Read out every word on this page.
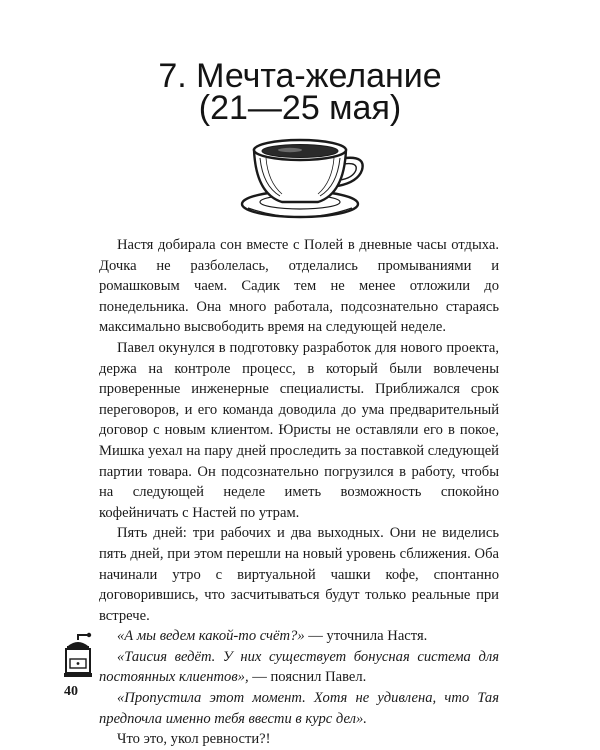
7. Мечта-желание
(21—25 мая)

Настя добирала сон вместе с Полей в дневные часы отдыха. Дочка не разболелась, отделались промываниями и ромашковым чаем. Садик тем не менее отложили до понедельника. Она много работала, подсознательно стараясь максимально высвободить время на следующей неделе.

Павел окунулся в подготовку разработок для нового проекта, держа на контроле процесс, в который были вовлечены проверенные инженерные специалисты. Приближался срок переговоров, и его команда доводила до ума предварительный договор с новым клиентом. Юристы не оставляли его в покое, Мишка уехал на пару дней проследить за поставкой следующей партии товара. Он подсознательно погрузился в работу, чтобы на следующей неделе иметь возможность спокойно кофейничать с Настей по утрам.

Пять дней: три рабочих и два выходных. Они не виделись пять дней, при этом перешли на новый уровень сближения. Оба начинали утро с виртуальной чашки кофе, спонтанно договорившись, что засчитываться будут только реальные при встрече.

«А мы ведем какой-то счёт?» — уточнила Настя.

«Таисия ведёт. У них существует бонусная система для постоянных клиентов», — пояснил Павел.

«Пропустила этот момент. Хотя не удивлена, что Тая предпочла именно тебя ввести в курс дел».

Что это, укол ревности?!

40
